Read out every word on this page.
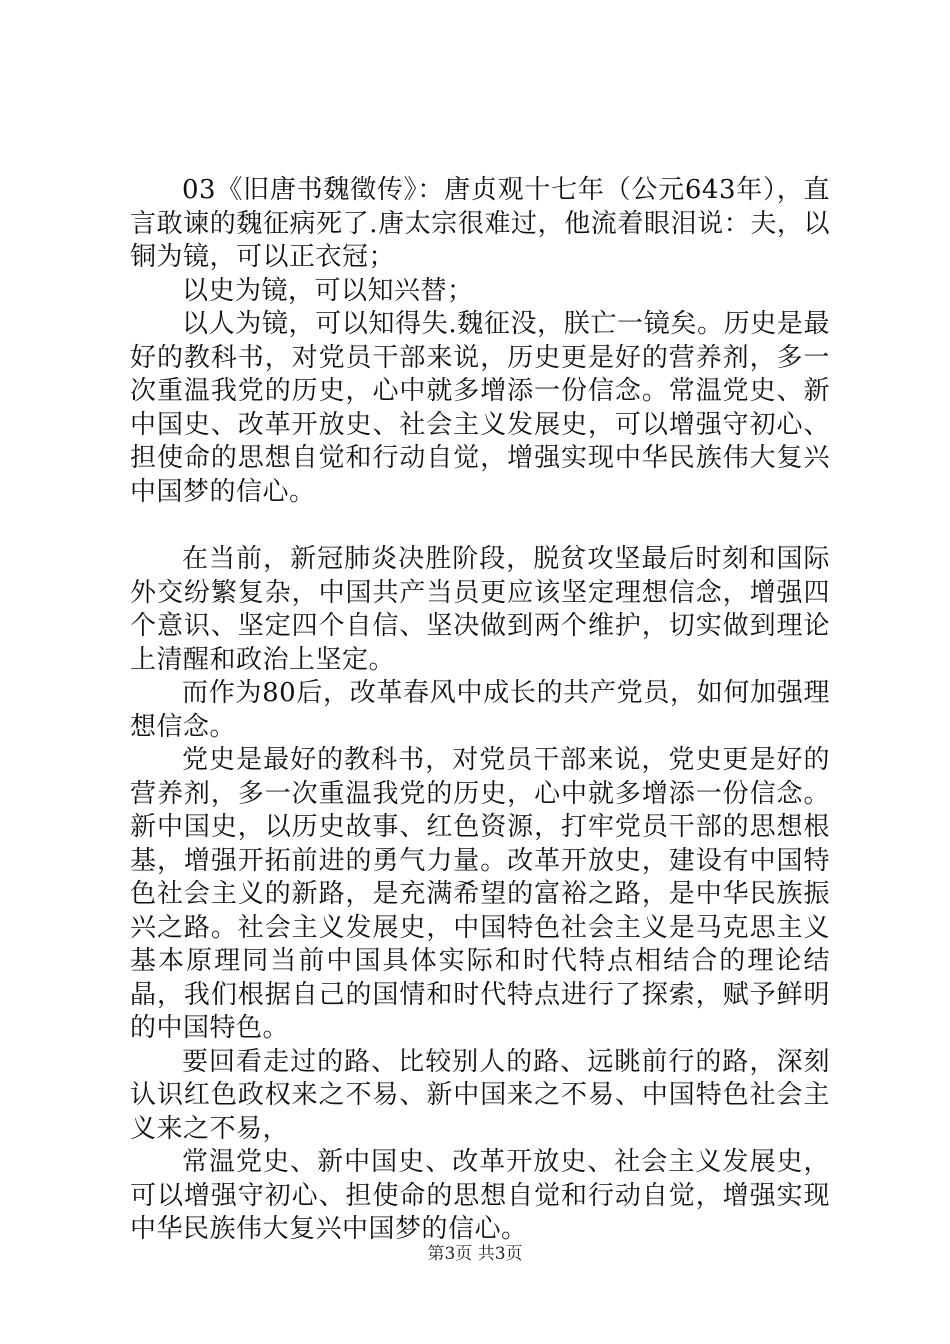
03《旧唐书魏徵传》：唐贞观十七年（公元643年），直言敢谏的魏征病死了.唐太宗很难过，他流着眼泪说：夫，以铜为镜，可以正衣冠；

以史为镜，可以知兴替；

以人为镜，可以知得失.魏征没，朕亡一镜矣。历史是最好的教科书，对党员干部来说，历史更是好的营养剂，多一次重温我党的历史，心中就多增添一份信念。常温党史、新中国史、改革开放史、社会主义发展史，可以增强守初心、担使命的思想自觉和行动自觉，增强实现中华民族伟大复兴中国梦的信心。

在当前，新冠肺炎决胜阶段，脱贫攻坚最后时刻和国际外交纷繁复杂，中国共产当员更应该坚定理想信念，增强四个意识、坚定四个自信、坚决做到两个维护，切实做到理论上清醒和政治上坚定。

而作为80后，改革春风中成长的共产党员，如何加强理想信念。

党史是最好的教科书，对党员干部来说，党史更是好的营养剂，多一次重温我党的历史，心中就多增添一份信念。新中国史，以历史故事、红色资源，打牢党员干部的思想根基，增强开拓前进的勇气力量。改革开放史，建设有中国特色社会主义的新路，是充满希望的富裕之路，是中华民族振兴之路。社会主义发展史，中国特色社会主义是马克思主义基本原理同当前中国具体实际和时代特点相结合的理论结晶，我们根据自己的国情和时代特点进行了探索，赋予鲜明的中国特色。

要回看走过的路、比较别人的路、远眺前行的路，深刻认识红色政权来之不易、新中国来之不易、中国特色社会主义来之不易，

常温党史、新中国史、改革开放史、社会主义发展史，可以增强守初心、担使命的思想自觉和行动自觉，增强实现中华民族伟大复兴中国梦的信心。

第3页 共3页
